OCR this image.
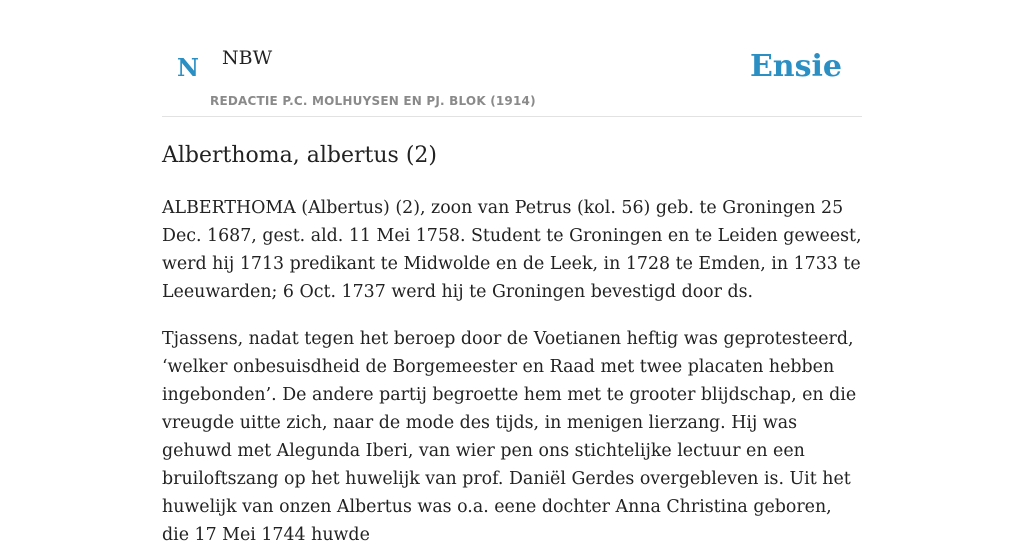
N NBW
REDACTIE P.C. MOLHUYSEN EN PJ. BLOK (1914)
Ensie
Alberthoma, albertus (2)

ALBERTHOMA (Albertus) (2), zoon van Petrus (kol. 56) geb. te Groningen 25 Dec. 1687, gest. ald. 11 Mei 1758. Student te Groningen en te Leiden geweest, werd hij 1713 predikant te Midwolde en de Leek, in 1728 te Emden, in 1733 te Leeuwarden; 6 Oct. 1737 werd hij te Groningen bevestigd door ds.

Tjassens, nadat tegen het beroep door de Voetianen heftig was geprotesteerd, ‘welker onbesuisdheid de Borgemeester en Raad met twee placaten hebben ingebonden’. De andere partij begroette hem met te grooter blijdschap, en die vreugde uitte zich, naar de mode des tijds, in menigen lierzang. Hij was gehuwd met Alegunda Iberi, van wier pen ons stichtelijke lectuur en een bruiloftszang op het huwelijk van prof. Daniël Gerdes overgebleven is. Uit het huwelijk van onzen Albertus was o.a. eene dochter Anna Christina geboren, die 17 Mei 1744 huwde
